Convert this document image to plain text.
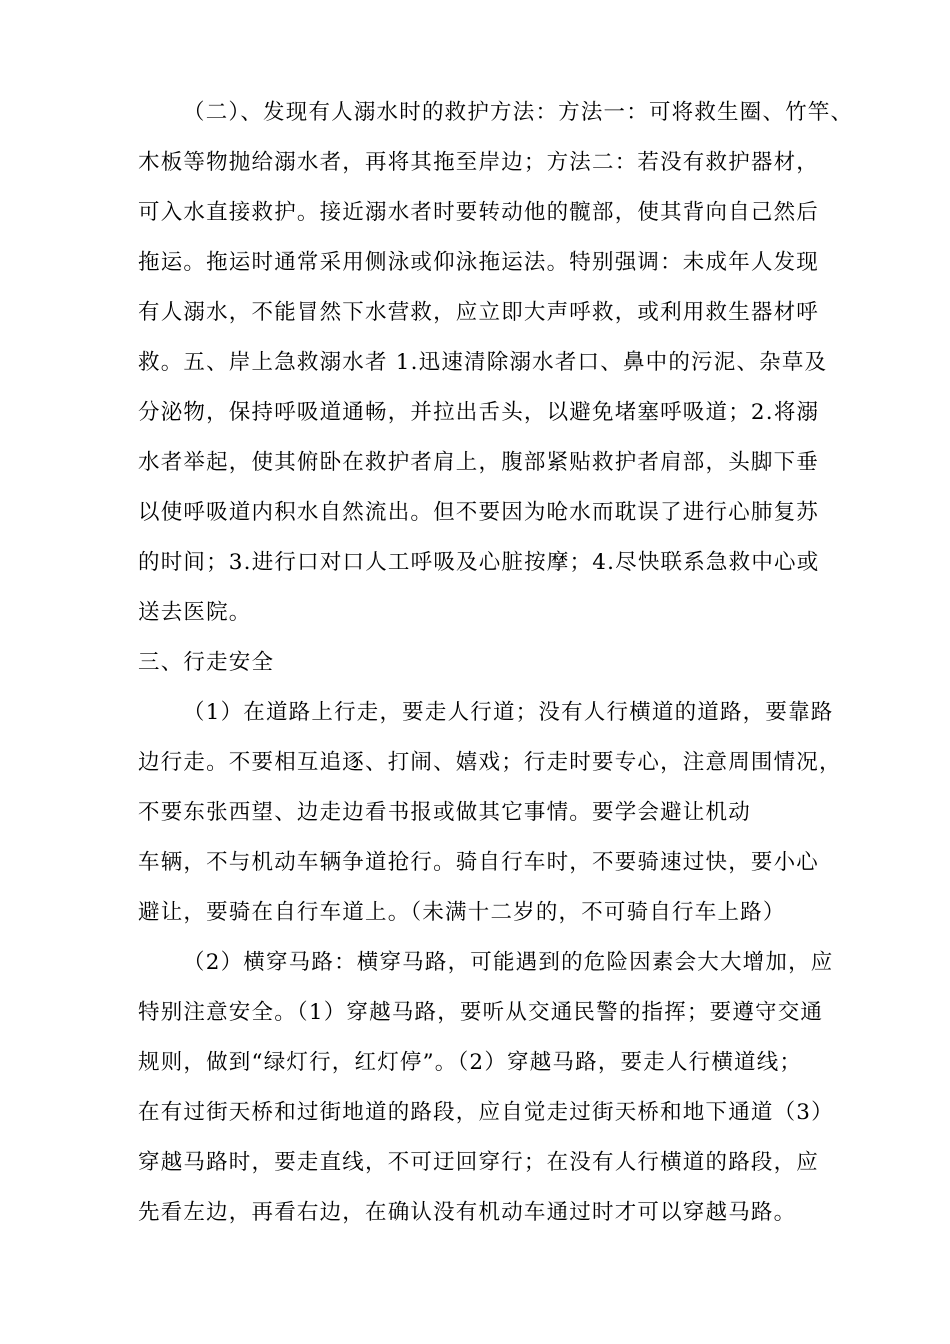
（二）、发现有人溺水时的救护方法：方法一：可将救生圈、竹竿、
木板等物抛给溺水者，再将其拖至岸边；方法二：若没有救护器材，
可入水直接救护。接近溺水者时要转动他的髋部，使其背向自己然后
拖运。拖运时通常采用侧泳或仰泳拖运法。特别强调：未成年人发现
有人溺水，不能冒然下水营救，应立即大声呼救，或利用救生器材呼
救。五、岸上急救溺水者 1.迅速清除溺水者口、鼻中的污泥、杂草及
分泌物，保持呼吸道通畅，并拉出舌头，以避免堵塞呼吸道；2.将溺
水者举起，使其俯卧在救护者肩上，腹部紧贴救护者肩部，头脚下垂
以使呼吸道内积水自然流出。但不要因为呛水而耽误了进行心肺复苏
的时间；3.进行口对口人工呼吸及心脏按摩；4.尽快联系急救中心或
送去医院。
三、行走安全
（1）在道路上行走，要走人行道；没有人行横道的道路，要靠路
边行走。不要相互追逐、打闹、嬉戏；行走时要专心，注意周围情况，
不要东张西望、边走边看书报或做其它事情。要学会避让机动
车辆，不与机动车辆争道抢行。骑自行车时，不要骑速过快，要小心
避让，要骑在自行车道上。（未满十二岁的，不可骑自行车上路）
（2）横穿马路：横穿马路，可能遇到的危险因素会大大增加，应
特别注意安全。（1）穿越马路，要听从交通民警的指挥；要遵守交通
规则，做到“绿灯行，红灯停”。（2）穿越马路，要走人行横道线；
在有过街天桥和过街地道的路段，应自觉走过街天桥和地下通道（3）
穿越马路时，要走直线，不可迂回穿行；在没有人行横道的路段，应
先看左边，再看右边，在确认没有机动车通过时才可以穿越马路。
